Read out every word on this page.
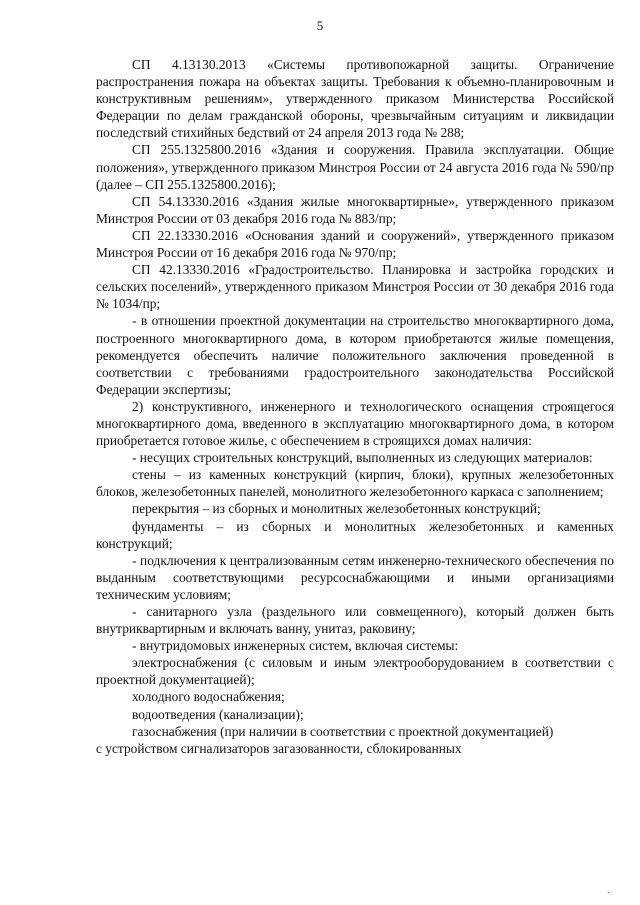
5

СП 4.13130.2013 «Системы противопожарной защиты. Ограничение распространения пожара на объектах защиты. Требования к объемно-планировочным и конструктивным решениям», утвержденного приказом Министерства Российской Федерации по делам гражданской обороны, чрезвычайным ситуациям и ликвидации последствий стихийных бедствий от 24 апреля 2013 года № 288;

СП 255.1325800.2016 «Здания и сооружения. Правила эксплуатации. Общие положения», утвержденного приказом Минстроя России от 24 августа 2016 года № 590/пр (далее – СП 255.1325800.2016);

СП 54.13330.2016 «Здания жилые многоквартирные», утвержденного приказом Минстроя России от 03 декабря 2016 года № 883/пр;

СП 22.13330.2016 «Основания зданий и сооружений», утвержденного приказом Минстроя России от 16 декабря 2016 года № 970/пр;

СП 42.13330.2016 «Градостроительство. Планировка и застройка городских и сельских поселений», утвержденного приказом Минстроя России от 30 декабря 2016 года № 1034/пр;

- в отношении проектной документации на строительство многоквартирного дома, построенного многоквартирного дома, в котором приобретаются жилые помещения, рекомендуется обеспечить наличие положительного заключения проведенной в соответствии с требованиями градостроительного законодательства Российской Федерации экспертизы;

2) конструктивного, инженерного и технологического оснащения строящегося многоквартирного дома, введенного в эксплуатацию многоквартирного дома, в котором приобретается готовое жилье, с обеспечением в строящихся домах наличия:

- несущих строительных конструкций, выполненных из следующих материалов:

стены – из каменных конструкций (кирпич, блоки), крупных железобетонных блоков, железобетонных панелей, монолитного железобетонного каркаса с заполнением;

перекрытия – из сборных и монолитных железобетонных конструкций;

фундаменты – из сборных и монолитных железобетонных и каменных конструкций;

- подключения к централизованным сетям инженерно-технического обеспечения по выданным соответствующими ресурсоснабжающими и иными организациями техническим условиям;

- санитарного узла (раздельного или совмещенного), который должен быть внутриквартирным и включать ванну, унитаз, раковину;

- внутридомовых инженерных систем, включая системы:

электроснабжения (с силовым и иным электрооборудованием в соответствии с проектной документацией);

холодного водоснабжения;

водоотведения (канализации);

газоснабжения (при наличии в соответствии с проектной документацией)

с устройством сигнализаторов загазованности, сблокированных

·
